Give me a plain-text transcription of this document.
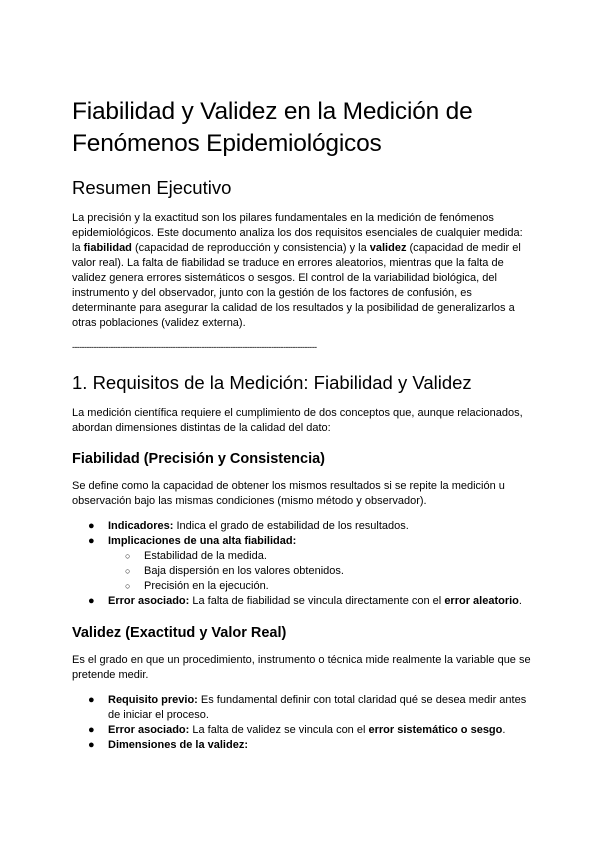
Fiabilidad y Validez en la Medición de Fenómenos Epidemiológicos
Resumen Ejecutivo

La precisión y la exactitud son los pilares fundamentales en la medición de fenómenos epidemiológicos. Este documento analiza los dos requisitos esenciales de cualquier medida: la fiabilidad (capacidad de reproducción y consistencia) y la validez (capacidad de medir el valor real). La falta de fiabilidad se traduce en errores aleatorios, mientras que la falta de validez genera errores sistemáticos o sesgos. El control de la variabilidad biológica, del instrumento y del observador, junto con la gestión de los factores de confusión, es determinante para asegurar la calidad de los resultados y la posibilidad de generalizarlos a otras poblaciones (validez externa).

------------------------------------------------------------------------------------------------------
1. Requisitos de la Medición: Fiabilidad y Validez

La medición científica requiere el cumplimiento de dos conceptos que, aunque relacionados, abordan dimensiones distintas de la calidad del dato:

Fiabilidad (Precisión y Consistencia)

Se define como la capacidad de obtener los mismos resultados si se repite la medición u observación bajo las mismas condiciones (mismo método y observador).

● Indicadores: Indica el grado de estabilidad de los resultados.
● Implicaciones de una alta fiabilidad:
○ Estabilidad de la medida.
○ Baja dispersión en los valores obtenidos.
○ Precisión en la ejecución.
● Error asociado: La falta de fiabilidad se vincula directamente con el error aleatorio.
Validez (Exactitud y Valor Real)

Es el grado en que un procedimiento, instrumento o técnica mide realmente la variable que se pretende medir.

● Requisito previo: Es fundamental definir con total claridad qué se desea medir antes de iniciar el proceso.
● Error asociado: La falta de validez se vincula con el error sistemático o sesgo.
● Dimensiones de la validez:
